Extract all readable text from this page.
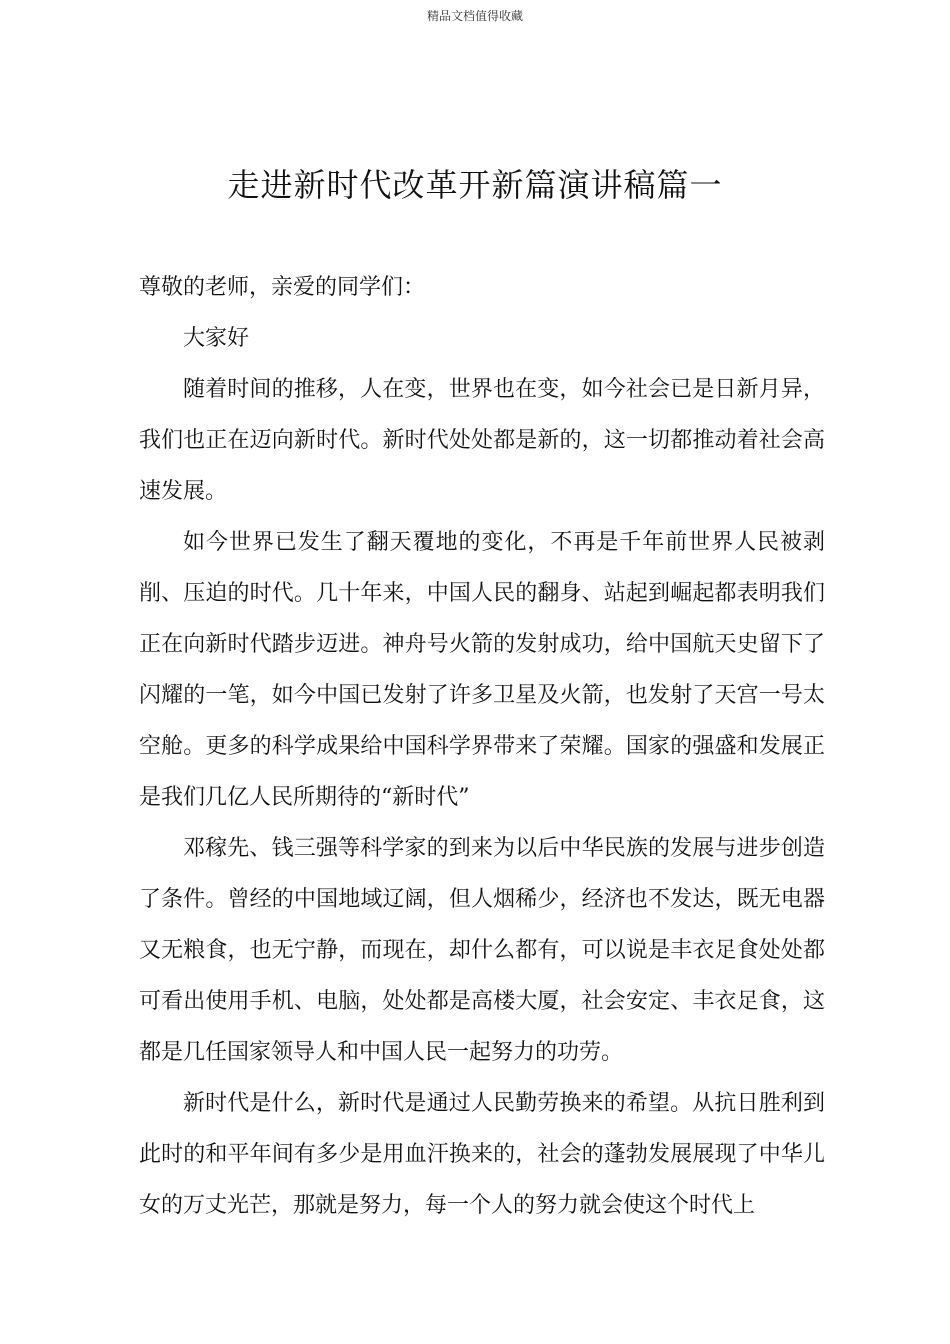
精品文档值得收藏
走进新时代改革开新篇演讲稿篇一

尊敬的老师，亲爱的同学们：

大家好

随着时间的推移，人在变，世界也在变，如今社会已是日新月异，我们也正在迈向新时代。新时代处处都是新的，这一切都推动着社会高速发展。

如今世界已发生了翻天覆地的变化，不再是千年前世界人民被剥削、压迫的时代。几十年来，中国人民的翻身、站起到崛起都表明我们正在向新时代踏步迈进。神舟号火箭的发射成功，给中国航天史留下了闪耀的一笔，如今中国已发射了许多卫星及火箭，也发射了天宫一号太空舱。更多的科学成果给中国科学界带来了荣耀。国家的强盛和发展正是我们几亿人民所期待的“新时代”

邓稼先、钱三强等科学家的到来为以后中华民族的发展与进步创造了条件。曾经的中国地域辽阔，但人烟稀少，经济也不发达，既无电器又无粮食，也无宁静，而现在，却什么都有，可以说是丰衣足食处处都可看出使用手机、电脑，处处都是高楼大厦，社会安定、丰衣足食，这都是几任国家领导人和中国人民一起努力的功劳。

新时代是什么，新时代是通过人民勤劳换来的希望。从抗日胜利到此时的和平年间有多少是用血汗换来的，社会的蓬勃发展展现了中华儿女的万丈光芒，那就是努力，每一个人的努力就会使这个时代上
